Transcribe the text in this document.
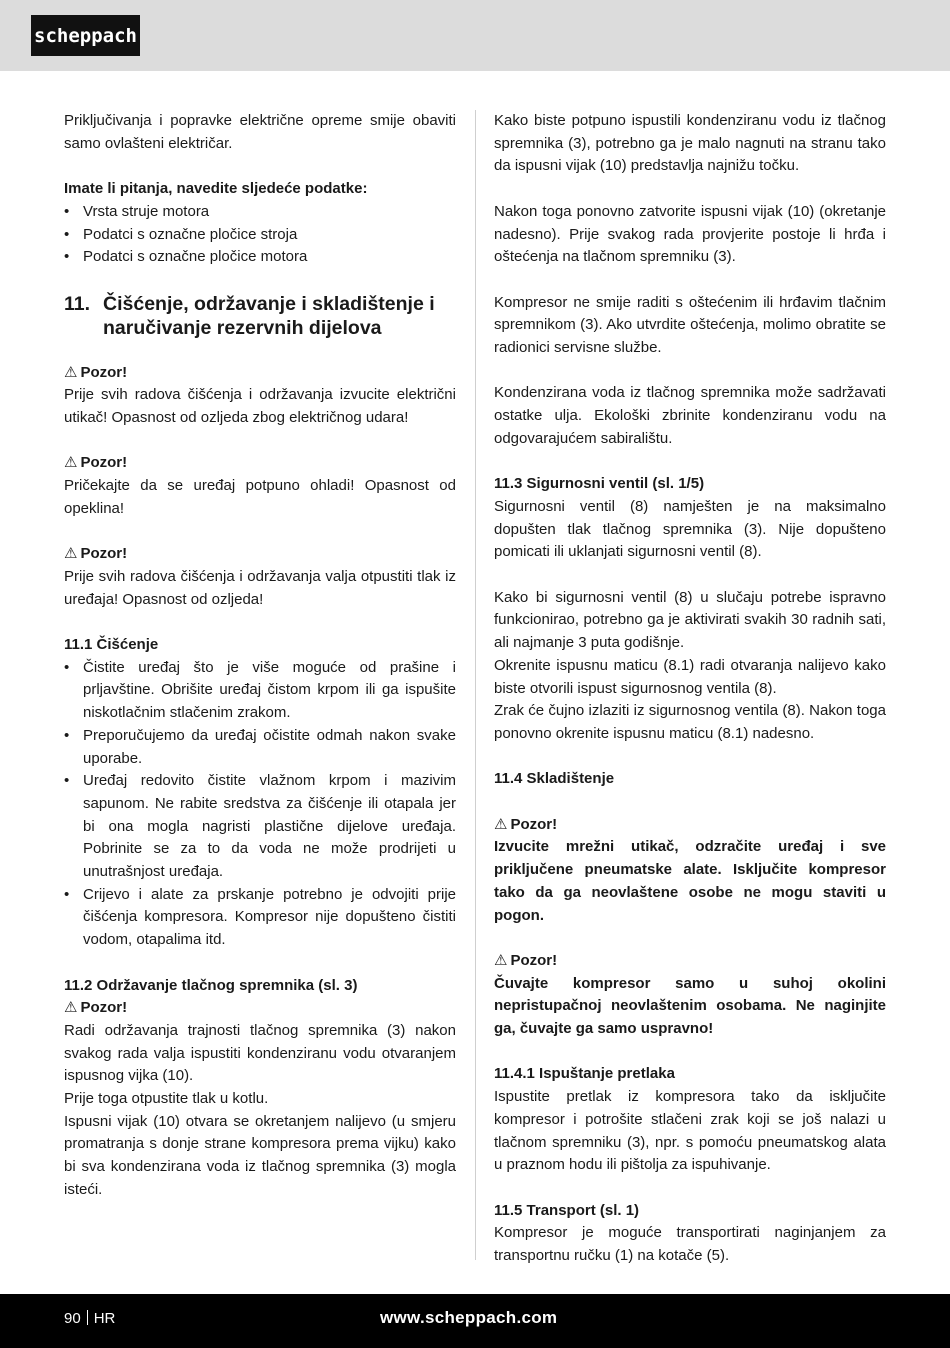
scheppach

Priključivanja i popravke električne opreme smije obaviti samo ovlašteni električar.

Imate li pitanja, navedite sljedeće podatke:

• Vrsta struje motora
• Podatci s označne pločice stroja
• Podatci s označne pločice motora
11. Čišćenje, održavanje i skladištenje i naručivanje rezervnih dijelova

⚠ Pozor!

Prije svih radova čišćenja i održavanja izvucite električni utikač! Opasnost od ozljeda zbog električnog udara!

⚠ Pozor!

Pričekajte da se uređaj potpuno ohladi! Opasnost od opeklina!

⚠ Pozor!

Prije svih radova čišćenja i održavanja valja otpustiti tlak iz uređaja! Opasnost od ozljeda!

11.1 Čišćenje

• Čistite uređaj što je više moguće od prašine i prljavštine. Obrišite uređaj čistom krpom ili ga ispušite niskotlačnim stlačenim zrakom.
• Preporučujemo da uređaj očistite odmah nakon svake uporabe.
• Uređaj redovito čistite vlažnom krpom i mazivim sapunom. Ne rabite sredstva za čišćenje ili otapala jer bi ona mogla nagristi plastične dijelove uređaja. Pobrinite se za to da voda ne može prodrijeti u unutrašnjost uređaja.
• Crijevo i alate za prskanje potrebno je odvojiti prije čišćenja kompresora. Kompresor nije dopušteno čistiti vodom, otapalima itd.

11.2 Održavanje tlačnog spremnika (sl. 3)

⚠ Pozor!

Radi održavanja trajnosti tlačnog spremnika (3) nakon svakog rada valja ispustiti kondenziranu vodu otvaranjem ispusnog vijka (10).

Prije toga otpustite tlak u kotlu.

Ispusni vijak (10) otvara se okretanjem nalijevo (u smjeru promatranja s donje strane kompresora prema vijku) kako bi sva kondenzirana voda iz tlačnog spremnika (3) mogla isteći.

Kako biste potpuno ispustili kondenziranu vodu iz tlačnog spremnika (3), potrebno ga je malo nagnuti na stranu tako da ispusni vijak (10) predstavlja najnižu točku.

Nakon toga ponovno zatvorite ispusni vijak (10) (okretanje nadesno). Prije svakog rada provjerite postoje li hrđa i oštećenja na tlačnom spremniku (3).

Kompresor ne smije raditi s oštećenim ili hrđavim tlačnim spremnikom (3). Ako utvrdite oštećenja, molimo obratite se radionici servisne službe.

Kondenzirana voda iz tlačnog spremnika može sadržavati ostatke ulja. Ekološki zbrinite kondenziranu vodu na odgovarajućem sabiralištu.

11.3 Sigurnosni ventil (sl. 1/5)

Sigurnosni ventil (8) namješten je na maksimalno dopušten tlak tlačnog spremnika (3). Nije dopušteno pomicati ili uklanjati sigurnosni ventil (8).

Kako bi sigurnosni ventil (8) u slučaju potrebe ispravno funkcionirao, potrebno ga je aktivirati svakih 30 radnih sati, ali najmanje 3 puta godišnje.

Okrenite ispusnu maticu (8.1) radi otvaranja nalijevo kako biste otvorili ispust sigurnosnog ventila (8).

Zrak će čujno izlaziti iz sigurnosnog ventila (8). Nakon toga ponovno okrenite ispusnu maticu (8.1) nadesno.

11.4 Skladištenje

⚠ Pozor!

Izvucite mrežni utikač, odzračite uređaj i sve priključene pneumatske alate. Isključite kompresor tako da ga neovlaštene osobe ne mogu staviti u pogon.

⚠ Pozor!

Čuvajte kompresor samo u suhoj okolini nepristupačnoj neovlaštenim osobama. Ne naginjite ga, čuvajte ga samo uspravno!

11.4.1 Ispuštanje pretlaka

Ispustite pretlak iz kompresora tako da isključite kompresor i potrošite stlačeni zrak koji se još nalazi u tlačnom spremniku (3), npr. s pomoću pneumatskog alata u praznom hodu ili pištolja za ispuhivanje.

11.5 Transport (sl. 1)

Kompresor je moguće transportirati naginjanjem za transportnu ručku (1) na kotače (5).

90 HR	www.scheppach.com
